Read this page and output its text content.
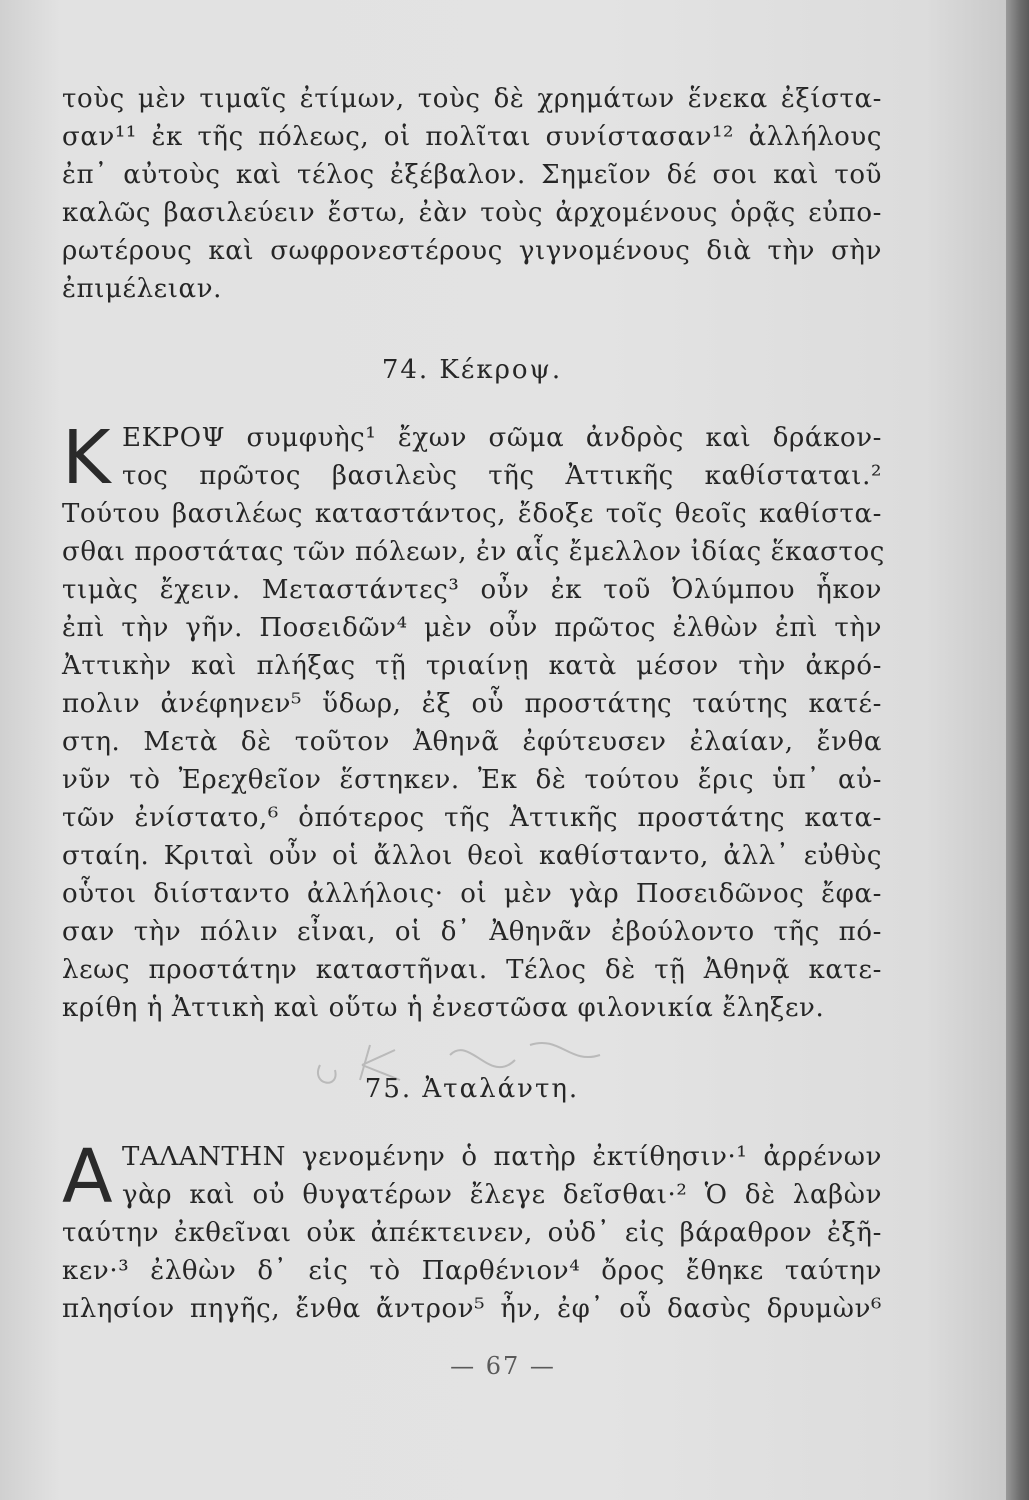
τοὺς μὲν τιμαῖς ἐτίμων, τοὺς δὲ χρημάτων ἕνεκα ἐξίστα-
σαν¹¹ ἐκ τῆς πόλεως, οἱ πολῖται συνίστασαν¹² ἀλλήλους
ἐπ᾿ αὐτοὺς καὶ τέλος ἐξέβαλον. Σημεῖον δέ σοι καὶ τοῦ
καλῶς βασιλεύειν ἔστω, ἐὰν τοὺς ἀρχομένους ὁρᾷς εὐπο-
ρωτέρους καὶ σωφρονεστέρους γιγνομένους διὰ τὴν σὴν
ἐπιμέλειαν.
74. Κέκροψ.
Κ ΕΚΡΟΨ συμφυὴς¹ ἔχων σῶμα ἀνδρὸς καὶ δράκον-
τος πρῶτος βασιλεὺς τῆς Ἀττικῆς καθίσταται.²
Τούτου βασιλέως καταστάντος, ἔδοξε τοῖς θεοῖς καθίστα-
σθαι προστάτας τῶν πόλεων, ἐν αἷς ἔμελλον ἰδίας ἕκαστος
τιμὰς ἔχειν. Μεταστάντες³ οὖν ἐκ τοῦ Ὀλύμπου ἧκον
ἐπὶ τὴν γῆν. Ποσειδῶν⁴ μὲν οὖν πρῶτος ἐλθὼν ἐπὶ τὴν
Ἀττικὴν καὶ πλήξας τῇ τριαίνῃ κατὰ μέσον τὴν ἀκρό-
πολιν ἀνέφηνεν⁵ ὕδωρ, ἐξ οὗ προστάτης ταύτης κατέ-
στη. Μετὰ δὲ τοῦτον Ἀθηνᾶ ἐφύτευσεν ἐλαίαν, ἔνθα
νῦν τὸ Ἐρεχθεῖον ἕστηκεν. Ἐκ δὲ τούτου ἔρις ὑπ᾿ αὐ-
τῶν ἐνίστατο,⁶ ὁπότερος τῆς Ἀττικῆς προστάτης κατα-
σταίη. Κριταὶ οὖν οἱ ἄλλοι θεοὶ καθίσταντο, ἀλλ᾿ εὐθὺς
οὗτοι διίσταντο ἀλλήλοις· οἱ μὲν γὰρ Ποσειδῶνος ἔφα-
σαν τὴν πόλιν εἶναι, οἱ δ᾿ Ἀθηνᾶν ἐβούλοντο τῆς πό-
λεως προστάτην καταστῆναι. Τέλος δὲ τῇ Ἀθηνᾷ κατε-
κρίθη ἡ Ἀττικὴ καὶ οὕτω ἡ ἐνεστῶσα φιλονικία ἔληξεν.
75. Ἀταλάντη.
Α ΤΑΛΑΝΤΗΝ γενομένην ὁ πατὴρ ἐκτίθησιν·¹ ἀρρένων
γὰρ καὶ οὐ θυγατέρων ἔλεγε δεῖσθαι·² Ὁ δὲ λαβὼν
ταύτην ἐκθεῖναι οὐκ ἀπέκτεινεν, οὐδ᾿ εἰς βάραθρον ἐξῆ-
κεν·³ ἐλθὼν δ᾿ εἰς τὸ Παρθένιον⁴ ὄρος ἔθηκε ταύτην
πλησίον πηγῆς, ἔνθα ἄντρον⁵ ἦν, ἐφ᾿ οὗ δασὺς δρυμὼν⁶
— 67 —
